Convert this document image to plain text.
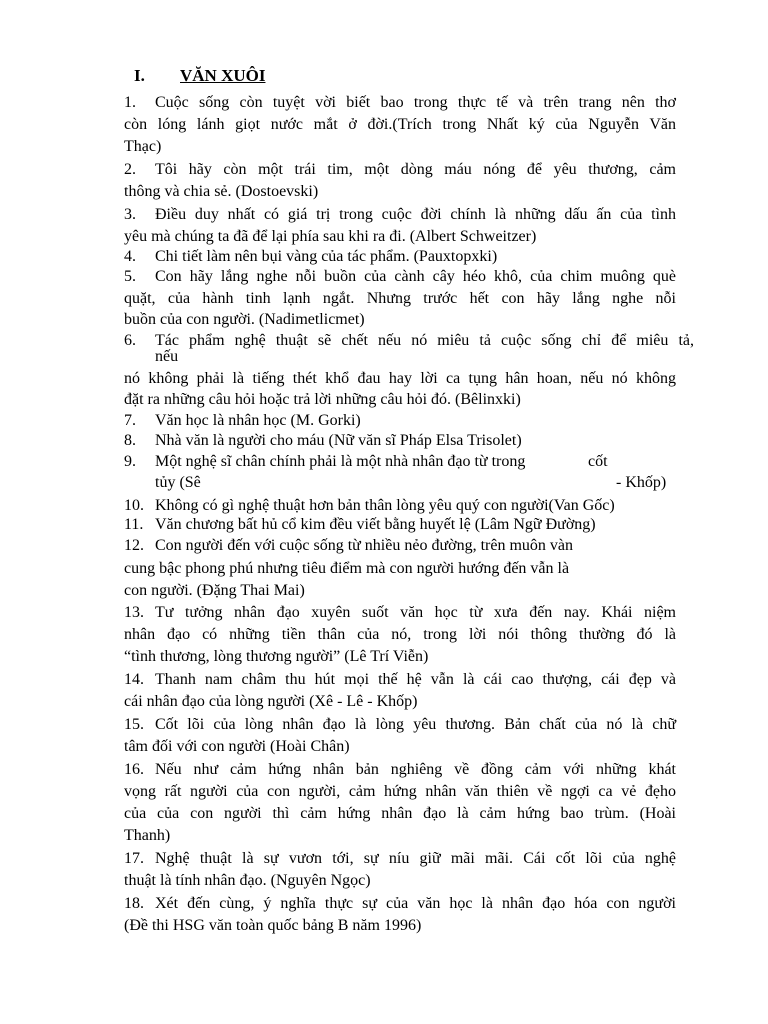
I. VĂN XUÔI
1. Cuộc sống còn tuyệt vời biết bao trong thực tế và trên trang nên thơ
còn lóng lánh giọt nước mắt ở đời.(Trích trong Nhất ký của Nguyễn Văn
Thạc)
2. Tôi hãy còn một trái tim, một dòng máu nóng để yêu thương, cảm
thông và chia sẻ. (Dostoevski)
3. Điều duy nhất có giá trị trong cuộc đời chính là những dấu ấn của tình
yêu mà chúng ta đã để lại phía sau khi ra đi. (Albert Schweitzer)
4. Chi tiết làm nên bụi vàng của tác phẩm. (Pauxtopxki)
5. Con hãy lắng nghe nỗi buồn của cành cây héo khô, của chim muông què
quặt, của hành tinh lạnh ngắt. Nhưng trước hết con hãy lắng nghe nỗi
buồn của con người. (Nadimetlicmet)
6. Tác phẩm nghệ thuật sẽ chết nếu nó miêu tả cuộc sống chỉ để miêu tả,
nếu
nó không phải là tiếng thét khổ đau hay lời ca tụng hân hoan, nếu nó không
đặt ra những câu hỏi hoặc trả lời những câu hỏi đó. (Bêlinxki)
7. Văn học là nhân học (M. Gorki)
8. Nhà văn là người cho máu (Nữ văn sĩ Pháp Elsa Trisolet)
9. Một nghệ sĩ chân chính phải là một nhà nhân đạo từ trong	cốt
tủy (Sê	- Khốp)
10. Không có gì nghệ thuật hơn bản thân lòng yêu quý con người(Van Gốc)
11. Văn chương bất hủ cổ kim đều viết bằng huyết lệ (Lâm Ngữ Đường)
12. Con người đến với cuộc sống từ nhiều nẻo đường, trên muôn vàn
cung bậc phong phú nhưng tiêu điểm mà con người hướng đến vẫn là
con người. (Đặng Thai Mai)
13. Tư tưởng nhân đạo xuyên suốt văn học từ xưa đến nay. Khái niệm
nhân đạo có những tiền thân của nó, trong lời nói thông thường đó là
“tình thương, lòng thương người” (Lê Trí Viễn)
14. Thanh nam châm thu hút mọi thế hệ vẫn là cái cao thượng, cái đẹp và
cái nhân đạo của lòng người (Xê - Lê - Khốp)
15. Cốt lõi của lòng nhân đạo là lòng yêu thương. Bản chất của nó là chữ
tâm đối với con người (Hoài Chân)
16. Nếu như cảm hứng nhân bản nghiêng về đồng cảm với những khát
vọng rất người của con người, cảm hứng nhân văn thiên về ngợi ca vẻ đẹho
của của con người thì cảm hứng nhân đạo là cảm hứng bao trùm. (Hoài
Thanh)
17. Nghệ thuật là sự vươn tới, sự níu giữ mãi mãi. Cái cốt lõi của nghệ
thuật là tính nhân đạo. (Nguyên Ngọc)
18. Xét đến cùng, ý nghĩa thực sự của văn học là nhân đạo hóa con người
(Đề thi HSG văn toàn quốc bảng B năm 1996)
